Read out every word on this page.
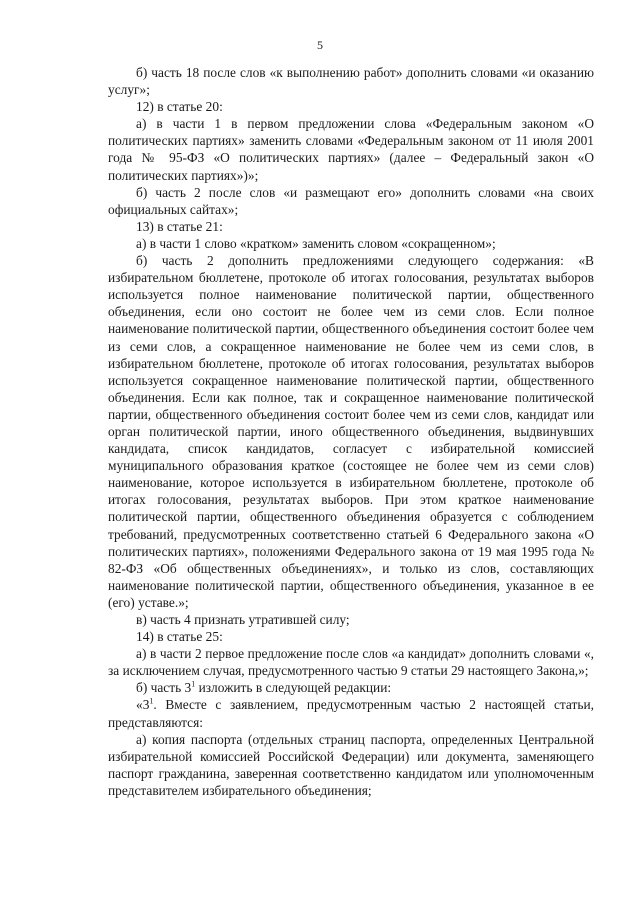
5

б) часть 18 после слов «к выполнению работ» дополнить словами «и оказанию услуг»;

12) в статье 20:

а) в части 1 в первом предложении слова «Федеральным законом «О политических партиях» заменить словами «Федеральным законом от 11 июля 2001 года № 95-ФЗ «О политических партиях» (далее – Федеральный закон «О политических партиях»)»;

б) часть 2 после слов «и размещают его» дополнить словами «на своих официальных сайтах»;

13) в статье 21:

а) в части 1 слово «кратком» заменить словом «сокращенном»;

б) часть 2 дополнить предложениями следующего содержания: «В избирательном бюллетене, протоколе об итогах голосования, результатах выборов используется полное наименование политической партии, общественного объединения, если оно состоит не более чем из семи слов. Если полное наименование политической партии, общественного объединения состоит более чем из семи слов, а сокращенное наименование не более чем из семи слов, в избирательном бюллетене, протоколе об итогах голосования, результатах выборов используется сокращенное наименование политической партии, общественного объединения. Если как полное, так и сокращенное наименование политической партии, общественного объединения состоит более чем из семи слов, кандидат или орган политической партии, иного общественного объединения, выдвинувших кандидата, список кандидатов, согласует с избирательной комиссией муниципального образования краткое (состоящее не более чем из семи слов) наименование, которое используется в избирательном бюллетене, протоколе об итогах голосования, результатах выборов. При этом краткое наименование политической партии, общественного объединения образуется с соблюдением требований, предусмотренных соответственно статьей 6 Федерального закона «О политических партиях», положениями Федерального закона от 19 мая 1995 года № 82-ФЗ «Об общественных объединениях», и только из слов, составляющих наименование политической партии, общественного объединения, указанное в ее (его) уставе.»;

в) часть 4 признать утратившей силу;

14) в статье 25:

а) в части 2 первое предложение после слов «а кандидат» дополнить словами «, за исключением случая, предусмотренного частью 9 статьи 29 настоящего Закона,»;

б) часть $3^1$ изложить в следующей редакции:

«$3^1$. Вместе с заявлением, предусмотренным частью 2 настоящей статьи, представляются:

а) копия паспорта (отдельных страниц паспорта, определенных Центральной избирательной комиссией Российской Федерации) или документа, заменяющего паспорт гражданина, заверенная соответственно кандидатом или уполномоченным представителем избирательного объединения;
